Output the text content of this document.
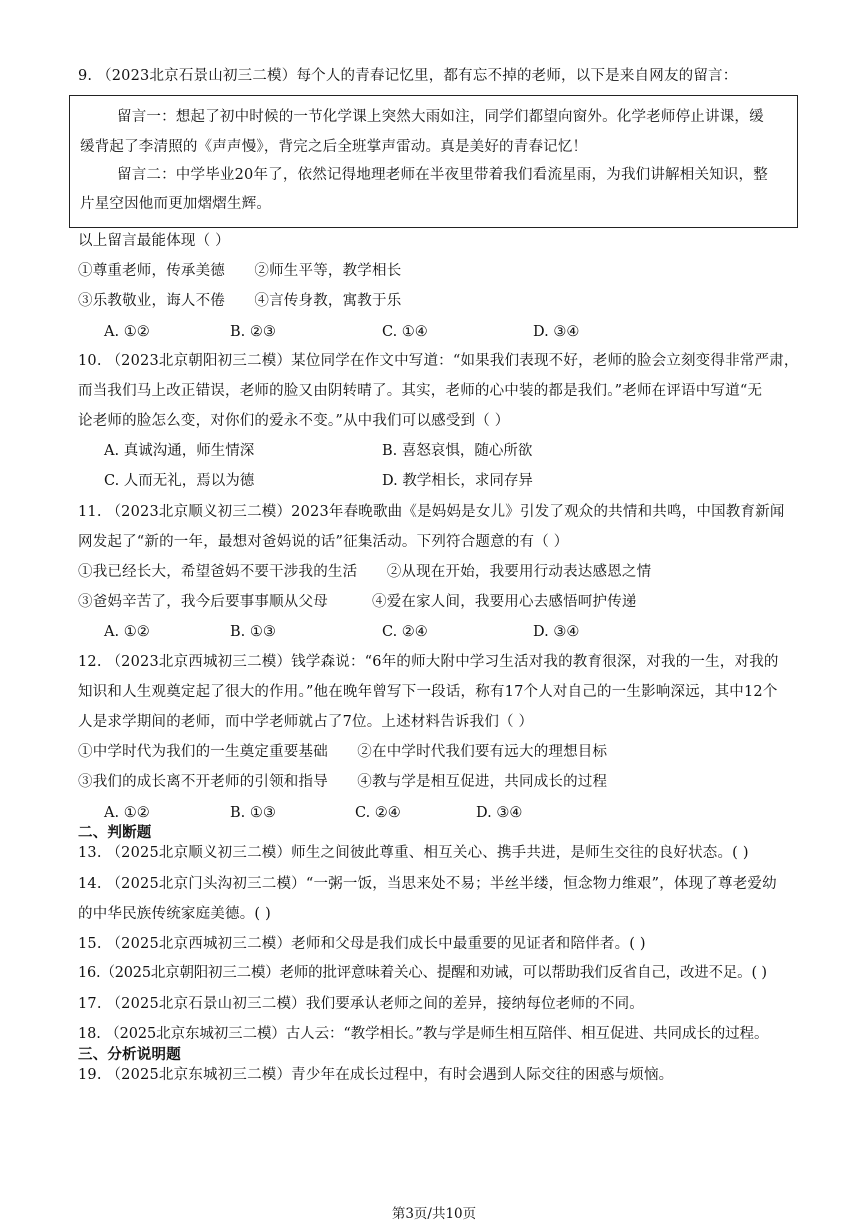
9. （2023北京石景山初三二模）每个人的青春记忆里，都有忘不掉的老师，以下是来自网友的留言：
留言一：想起了初中时候的一节化学课上突然大雨如注，同学们都望向窗外。化学老师停止讲课，缓
缓背起了李清照的《声声慢》，背完之后全班掌声雷动。真是美好的青春记忆！
留言二：中学毕业20年了，依然记得地理老师在半夜里带着我们看流星雨，为我们讲解相关知识，整
片星空因他而更加熠熠生辉。
以上留言最能体现（ ）
①尊重老师，传承美德　　②师生平等，教学相长
③乐教敬业，诲人不倦　　④言传身教，寓教于乐
A. ①②	B. ②③	C. ①④	D. ③④
10. （2023北京朝阳初三二模）某位同学在作文中写道：“如果我们表现不好，老师的脸会立刻变得非常严肃，
而当我们马上改正错误，老师的脸又由阴转晴了。其实，老师的心中装的都是我们。”老师在评语中写道“无
论老师的脸怎么变，对你们的爱永不变。”从中我们可以感受到（ ）
A. 真诚沟通，师生情深	B. 喜怒哀惧，随心所欲
C. 人而无礼，焉以为德	D. 教学相长，求同存异
11. （2023北京顺义初三二模）2023年春晚歌曲《是妈妈是女儿》引发了观众的共情和共鸣，中国教育新闻
网发起了“新的一年，最想对爸妈说的话”征集活动。下列符合题意的有（ ）
①我已经长大，希望爸妈不要干涉我的生活　　②从现在开始，我要用行动表达感恩之情
③爸妈辛苦了，我今后要事事顺从父母　　　④爱在家人间，我要用心去感悟呵护传递
A. ①②	B. ①③	C. ②④	D. ③④
12. （2023北京西城初三二模）钱学森说：“6年的师大附中学习生活对我的教育很深，对我的一生，对我的
知识和人生观奠定起了很大的作用。”他在晚年曾写下一段话，称有17个人对自己的一生影响深远，其中12个
人是求学期间的老师，而中学老师就占了7位。上述材料告诉我们（ ）
①中学时代为我们的一生奠定重要基础　　②在中学时代我们要有远大的理想目标
③我们的成长离不开老师的引领和指导　　④教与学是相互促进，共同成长的过程
A. ①②	B. ①③	C. ②④	D. ③④
二、判断题
13. （2025北京顺义初三二模）师生之间彼此尊重、相互关心、携手共进，是师生交往的良好状态。( )
14. （2025北京门头沟初三二模）“一粥一饭，当思来处不易；半丝半缕，恒念物力维艰”，体现了尊老爱幼
的中华民族传统家庭美德。( )
15. （2025北京西城初三二模）老师和父母是我们成长中最重要的见证者和陪伴者。( )
16.（2025北京朝阳初三二模）老师的批评意味着关心、提醒和劝诫，可以帮助我们反省自己，改进不足。( )
17. （2025北京石景山初三二模）我们要承认老师之间的差异，接纳每位老师的不同。
18. （2025北京东城初三二模）古人云：“教学相长。”教与学是师生相互陪伴、相互促进、共同成长的过程。
三、分析说明题
19. （2025北京东城初三二模）青少年在成长过程中，有时会遇到人际交往的困惑与烦恼。
第3页/共10页
